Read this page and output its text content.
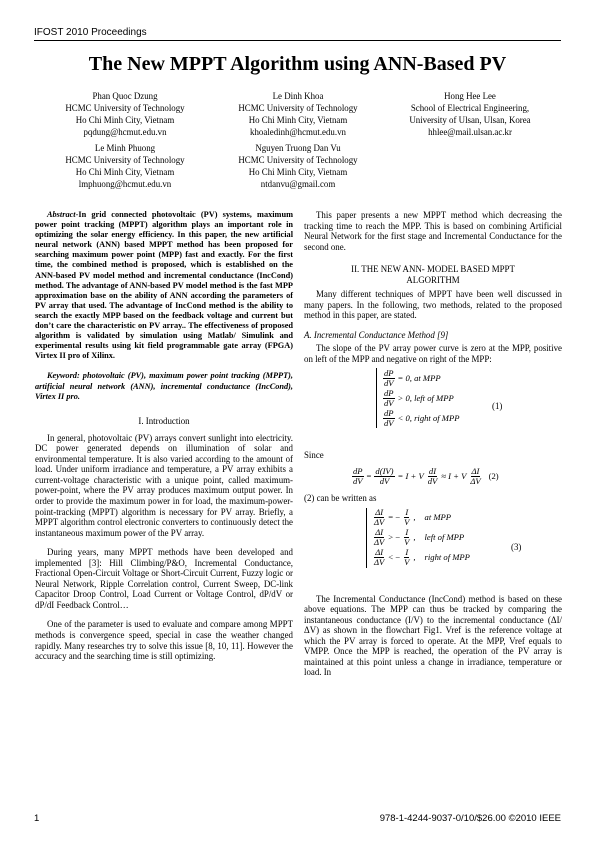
IFOST 2010 Proceedings
The New MPPT Algorithm using ANN-Based PV
Phan Quoc Dzung
HCMC University of Technology
Ho Chi Minh City, Vietnam
pqdung@hcmut.edu.vn
Le Dinh Khoa
HCMC University of Technology
Ho Chi Minh City, Vietnam
khoaledinh@hcmut.edu.vn
Hong Hee Lee
School of Electrical Engineering,
University of Ulsan, Ulsan, Korea
hhlee@mail.ulsan.ac.kr
Le Minh Phuong
HCMC University of Technology
Ho Chi Minh City, Vietnam
lmphuong@hcmut.edu.vn
Nguyen Truong Dan Vu
HCMC University of Technology
Ho Chi Minh City, Vietnam
ntdanvu@gmail.com

Abstract-In grid connected photovoltaic (PV) systems, maximum power point tracking (MPPT) algorithm plays an important role in optimizing the solar energy efficiency. In this paper, the new artificial neural network (ANN) based MPPT method has been proposed for searching maximum power point (MPP) fast and exactly. For the first time, the combined method is proposed, which is established on the ANN-based PV model method and incremental conductance (IncCond) method. The advantage of ANN-based PV model method is the fast MPP approximation base on the ability of ANN according the parameters of PV array that used. The advantage of IncCond method is the ability to search the exactly MPP based on the feedback voltage and current but don’t care the characteristic on PV array.. The effectiveness of proposed algorithm is validated by simulation using Matlab/ Simulink and experimental results using kit field programmable gate array (FPGA) Virtex II pro of Xilinx.

Keyword: photovoltaic (PV), maximum power point tracking (MPPT), artificial neural network (ANN), incremental conductance (IncCond), Virtex II pro.

I. Introduction

In general, photovoltaic (PV) arrays convert sunlight into electricity. DC power generated depends on illumination of solar and environmental temperature. It is also varied according to the amount of load. Under uniform irradiance and temperature, a PV array exhibits a current-voltage characteristic with a unique point, called maximum-power-point, where the PV array produces maximum output power. In order to provide the maximum power in for load, the maximum-power-point-tracking (MPPT) algorithm is necessary for PV array. Briefly, a MPPT algorithm control electronic converters to continuously detect the instantaneous maximum power of the PV array.

During years, many MPPT methods have been developed and implemented [3]: Hill Climbing/P&O, Incremental Conductance, Fractional Open-Circuit Voltage or Short-Circuit Current, Fuzzy logic or Neural Network, Ripple Correlation control, Current Sweep, DC-link Capacitor Droop Control, Load Current or Voltage Control, dP/dV or dP/dI Feedback Control…

One of the parameter is used to evaluate and compare among MPPT methods is convergence speed, special in case the weather changed rapidly. Many researches try to solve this issue [8, 10, 11]. However the accuracy and the searching time is still optimizing.

This paper presents a new MPPT method which decreasing the tracking time to reach the MPP. This is based on combining Artificial Neural Network for the first stage and Incremental Conductance for the second one.

II. THE NEW ANN- MODEL BASED MPPT

ALGORITHM

Many different techniques of MPPT have been well discussed in many papers. In the following, two methods, related to the proposed method in this paper, are stated.

A. Incremental Conductance Method [9]

The slope of the PV array power curve is zero at the MPP, positive on left of the MPP and negative on right of the MPP:

$\frac{dP}{dV} = 0$, at MPP
$\frac{dP}{dV} > 0$, left of MPP
$\frac{dP}{dV} < 0$, right of MPP
(1)

Since

$\frac{dP}{dV} = \frac{d(IV)}{dV} = I + V \frac{dI}{dV} \approx I + V \frac{\Delta I}{\Delta V} (2)$

(2) can be written as

$\frac{\Delta I}{\Delta V}$ = − $\frac{I}{V}$ , at MPP
$\frac{\Delta I}{\Delta V}$ > − $\frac{I}{V}$ , left of MPP
$\frac{\Delta I}{\Delta V}$ < − $\frac{I}{V}$ , right of MPP
(3)

The Incremental Conductance (IncCond) method is based on these above equations. The MPP can thus be tracked by comparing the instantaneous conductance (I/V) to the incremental conductance (ΔI/ΔV) as shown in the flowchart Fig1. Vref is the reference voltage at which the PV array is forced to operate. At the MPP, Vref equals to VMPP. Once the MPP is reached, the operation of the PV array is maintained at this point unless a change in irradiance, temperature or load. In

1	978-1-4244-9037-0/10/$26.00 ©2010 IEEE
